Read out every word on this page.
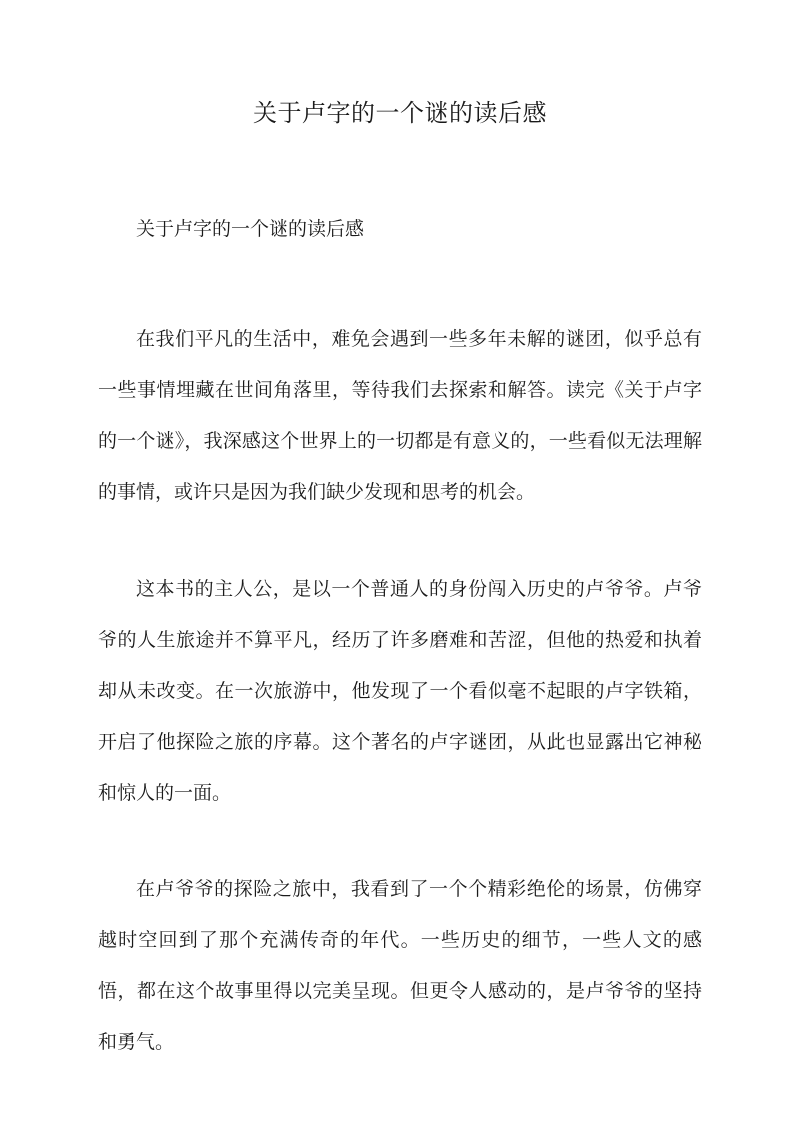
关于卢字的一个谜的读后感

关于卢字的一个谜的读后感

在我们平凡的生活中，难免会遇到一些多年未解的谜团，似乎总有一些事情埋藏在世间角落里，等待我们去探索和解答。读完《关于卢字的一个谜》，我深感这个世界上的一切都是有意义的，一些看似无法理解的事情，或许只是因为我们缺少发现和思考的机会。

这本书的主人公，是以一个普通人的身份闯入历史的卢爷爷。卢爷爷的人生旅途并不算平凡，经历了许多磨难和苦涩，但他的热爱和执着却从未改变。在一次旅游中，他发现了一个看似毫不起眼的卢字铁箱，开启了他探险之旅的序幕。这个著名的卢字谜团，从此也显露出它神秘和惊人的一面。

在卢爷爷的探险之旅中，我看到了一个个精彩绝伦的场景，仿佛穿越时空回到了那个充满传奇的年代。一些历史的细节，一些人文的感悟，都在这个故事里得以完美呈现。但更令人感动的，是卢爷爷的坚持和勇气。
